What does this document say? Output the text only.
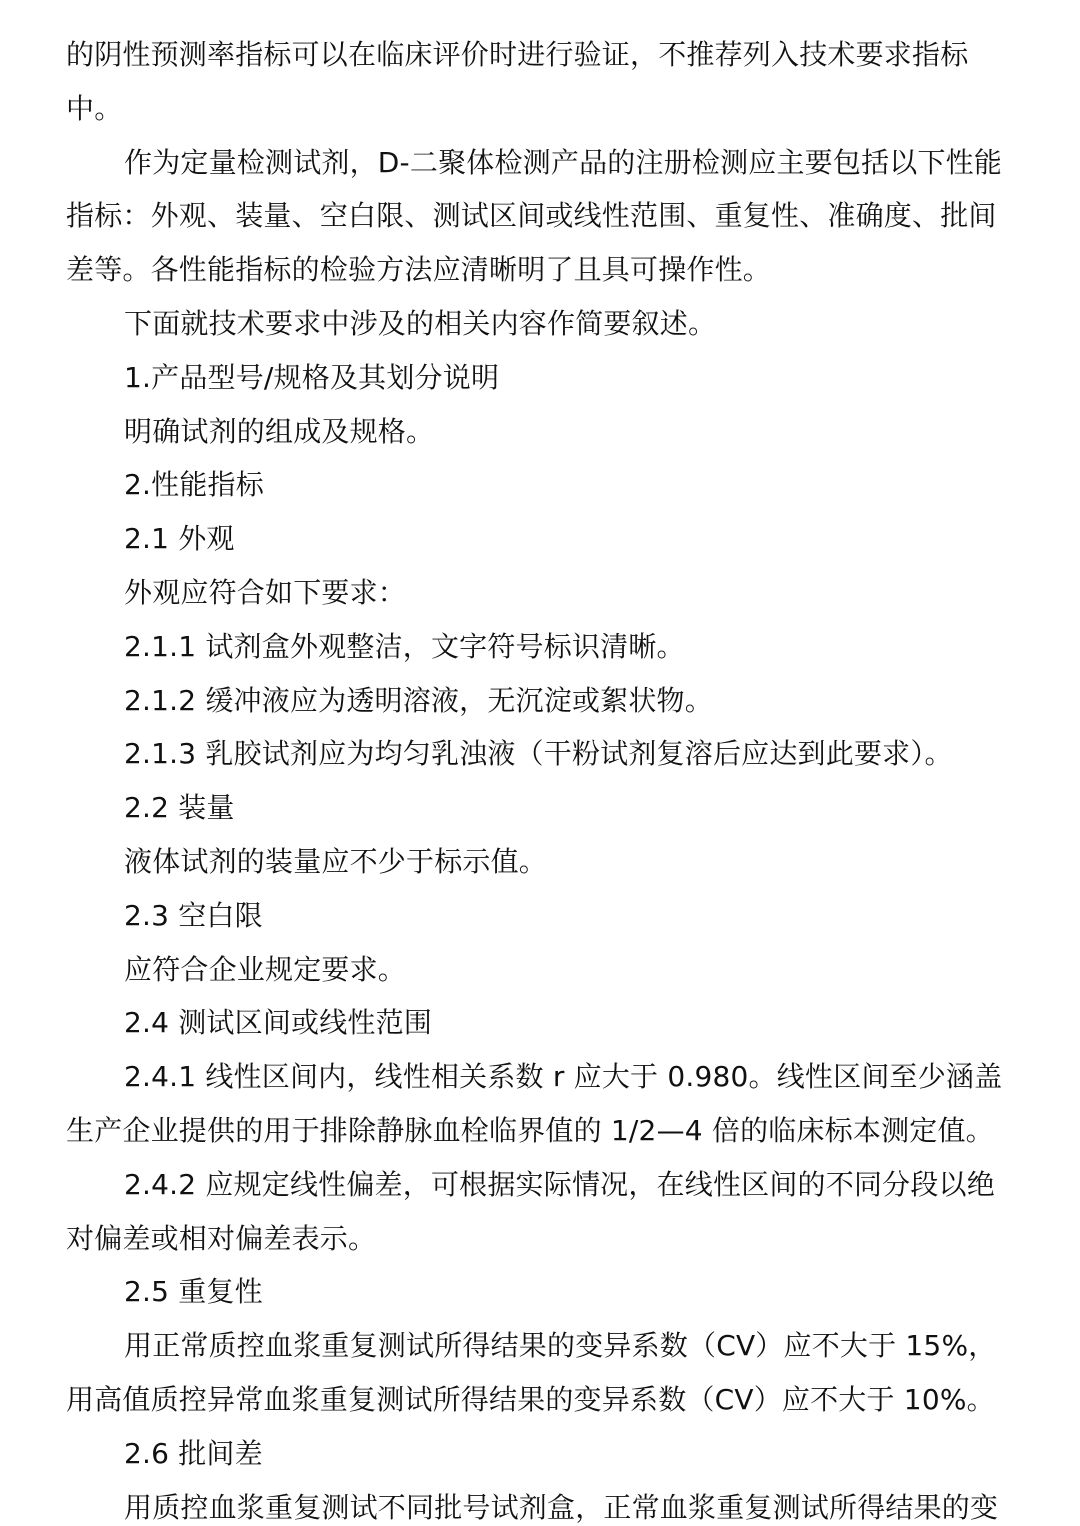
的阴性预测率指标可以在临床评价时进行验证，不推荐列入技术要求指标中。

作为定量检测试剂，D-二聚体检测产品的注册检测应主要包括以下性能指标：外观、装量、空白限、测试区间或线性范围、重复性、准确度、批间差等。各性能指标的检验方法应清晰明了且具可操作性。

下面就技术要求中涉及的相关内容作简要叙述。

1.产品型号/规格及其划分说明

明确试剂的组成及规格。

2.性能指标

2.1 外观

外观应符合如下要求：

2.1.1 试剂盒外观整洁，文字符号标识清晰。

2.1.2 缓冲液应为透明溶液，无沉淀或絮状物。

2.1.3 乳胶试剂应为均匀乳浊液（干粉试剂复溶后应达到此要求）。

2.2 装量

液体试剂的装量应不少于标示值。

2.3 空白限

应符合企业规定要求。

2.4 测试区间或线性范围

2.4.1 线性区间内，线性相关系数 r 应大于 0.980。线性区间至少涵盖生产企业提供的用于排除静脉血栓临界值的 1/2—4 倍的临床标本测定值。

2.4.2 应规定线性偏差，可根据实际情况，在线性区间的不同分段以绝对偏差或相对偏差表示。

2.5 重复性

用正常质控血浆重复测试所得结果的变异系数（CV）应不大于 15%，用高值质控异常血浆重复测试所得结果的变异系数（CV）应不大于 10%。

2.6 批间差

用质控血浆重复测试不同批号试剂盒，正常血浆重复测试所得结果的变
